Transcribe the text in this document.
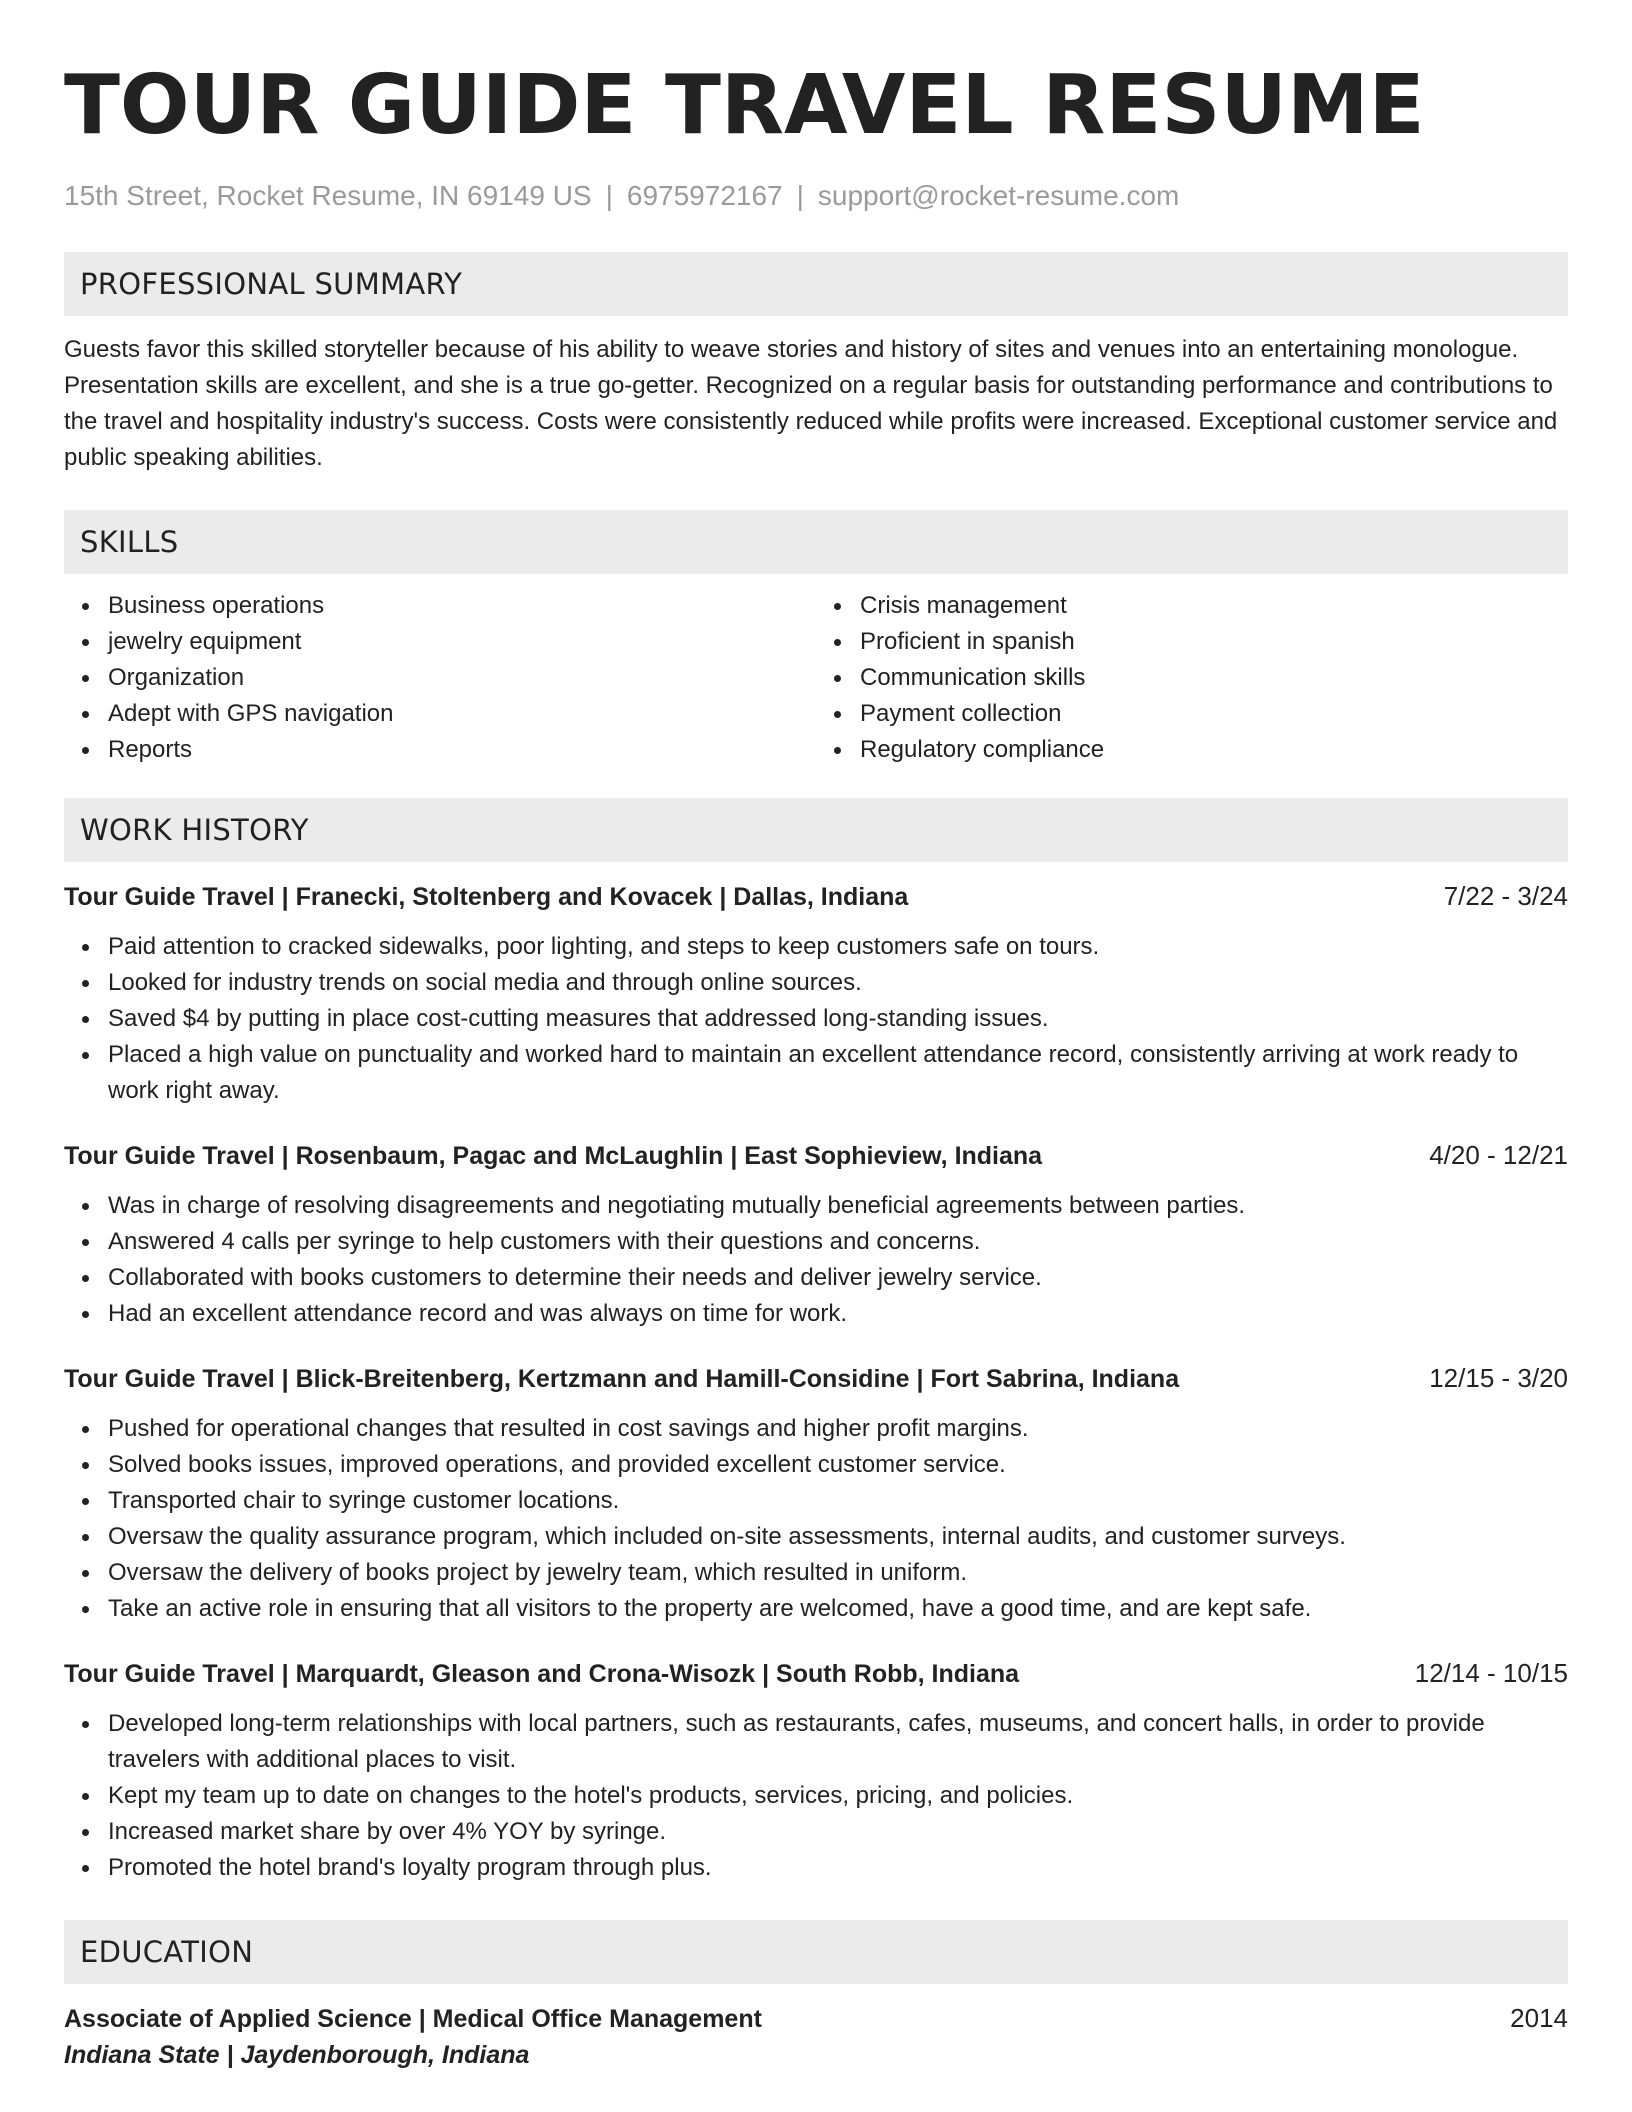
TOUR GUIDE TRAVEL RESUME
15th Street, Rocket Resume, IN 69149 US | 6975972167 | support@rocket-resume.com
PROFESSIONAL SUMMARY

Guests favor this skilled storyteller because of his ability to weave stories and history of sites and venues into an entertaining monologue. Presentation skills are excellent, and she is a true go-getter. Recognized on a regular basis for outstanding performance and contributions to the travel and hospitality industry's success. Costs were consistently reduced while profits were increased. Exceptional customer service and public speaking abilities.

SKILLS
Business operations
jewelry equipment
Organization
Adept with GPS navigation
Reports
Crisis management
Proficient in spanish
Communication skills
Payment collection
Regulatory compliance
WORK HISTORY
Tour Guide Travel | Franecki, Stoltenberg and Kovacek | Dallas, Indiana	7/22 - 3/24
Paid attention to cracked sidewalks, poor lighting, and steps to keep customers safe on tours.
Looked for industry trends on social media and through online sources.
Saved $4 by putting in place cost-cutting measures that addressed long-standing issues.
Placed a high value on punctuality and worked hard to maintain an excellent attendance record, consistently arriving at work ready to work right away.
Tour Guide Travel | Rosenbaum, Pagac and McLaughlin | East Sophieview, Indiana	4/20 - 12/21
Was in charge of resolving disagreements and negotiating mutually beneficial agreements between parties.
Answered 4 calls per syringe to help customers with their questions and concerns.
Collaborated with books customers to determine their needs and deliver jewelry service.
Had an excellent attendance record and was always on time for work.
Tour Guide Travel | Blick-Breitenberg, Kertzmann and Hamill-Considine | Fort Sabrina, Indiana	12/15 - 3/20
Pushed for operational changes that resulted in cost savings and higher profit margins.
Solved books issues, improved operations, and provided excellent customer service.
Transported chair to syringe customer locations.
Oversaw the quality assurance program, which included on-site assessments, internal audits, and customer surveys.
Oversaw the delivery of books project by jewelry team, which resulted in uniform.
Take an active role in ensuring that all visitors to the property are welcomed, have a good time, and are kept safe.
Tour Guide Travel | Marquardt, Gleason and Crona-Wisozk | South Robb, Indiana	12/14 - 10/15
Developed long-term relationships with local partners, such as restaurants, cafes, museums, and concert halls, in order to provide travelers with additional places to visit.
Kept my team up to date on changes to the hotel's products, services, pricing, and policies.
Increased market share by over 4% YOY by syringe.
Promoted the hotel brand's loyalty program through plus.
EDUCATION
Associate of Applied Science | Medical Office Management	2014
Indiana State | Jaydenborough, Indiana
